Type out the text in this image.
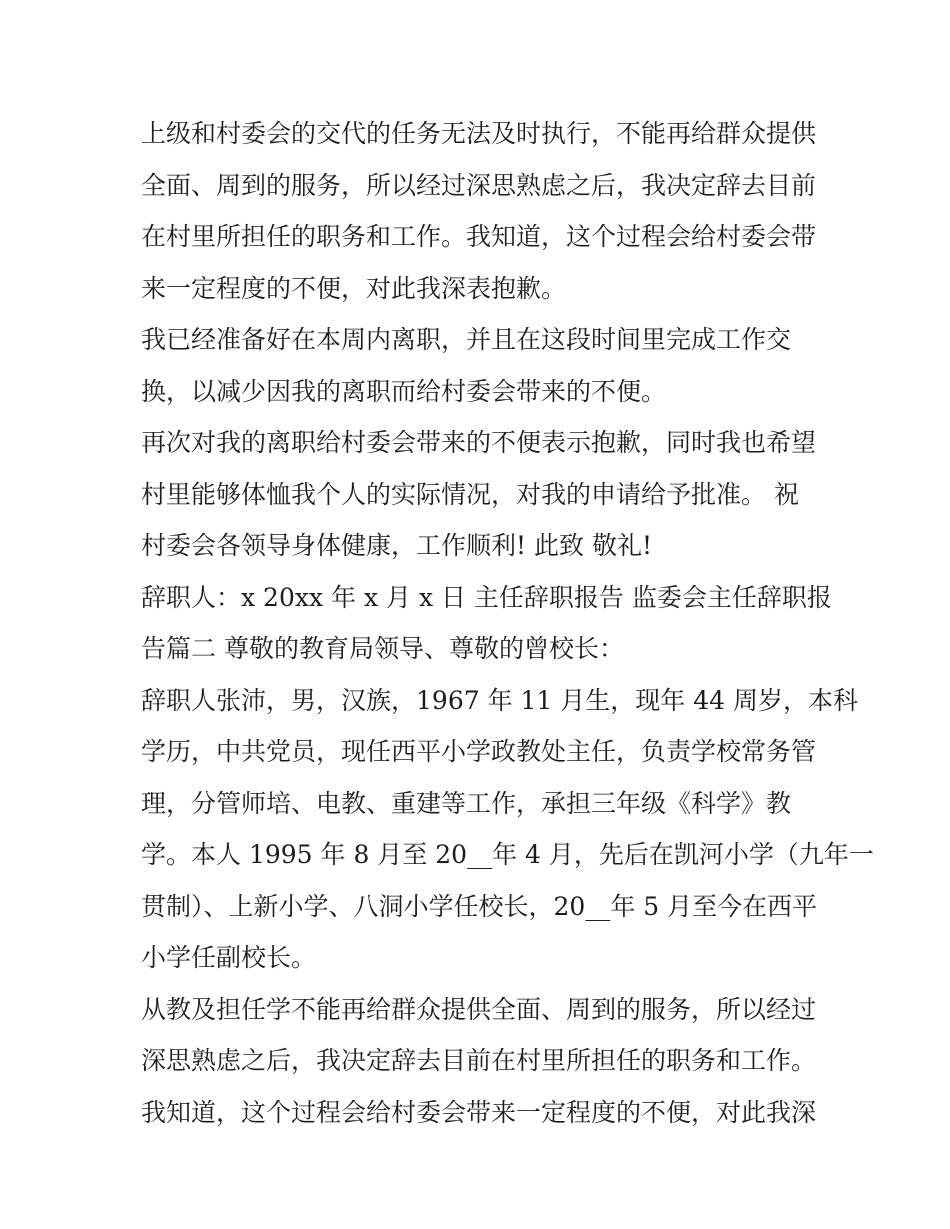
上级和村委会的交代的任务无法及时执行，不能再给群众提供
全面、周到的服务，所以经过深思熟虑之后，我决定辞去目前
在村里所担任的职务和工作。我知道，这个过程会给村委会带
来一定程度的不便，对此我深表抱歉。
我已经准备好在本周内离职，并且在这段时间里完成工作交
换，以减少因我的离职而给村委会带来的不便。
再次对我的离职给村委会带来的不便表示抱歉，同时我也希望
村里能够体恤我个人的实际情况，对我的申请给予批准。 祝
村委会各领导身体健康，工作顺利! 此致 敬礼!
辞职人：x 20xx 年 x 月 x 日 主任辞职报告 监委会主任辞职报
告篇二 尊敬的教育局领导、尊敬的曾校长：
辞职人张沛，男，汉族，1967 年 11 月生，现年 44 周岁，本科
学历，中共党员，现任西平小学政教处主任，负责学校常务管
理，分管师培、电教、重建等工作，承担三年级《科学》教
学。本人 1995 年 8 月至 20__年 4 月，先后在凯河小学（九年一
贯制）、上新小学、八洞小学任校长，20__年 5 月至今在西平
小学任副校长。
从教及担任学不能再给群众提供全面、周到的服务，所以经过
深思熟虑之后，我决定辞去目前在村里所担任的职务和工作。
我知道，这个过程会给村委会带来一定程度的不便，对此我深
